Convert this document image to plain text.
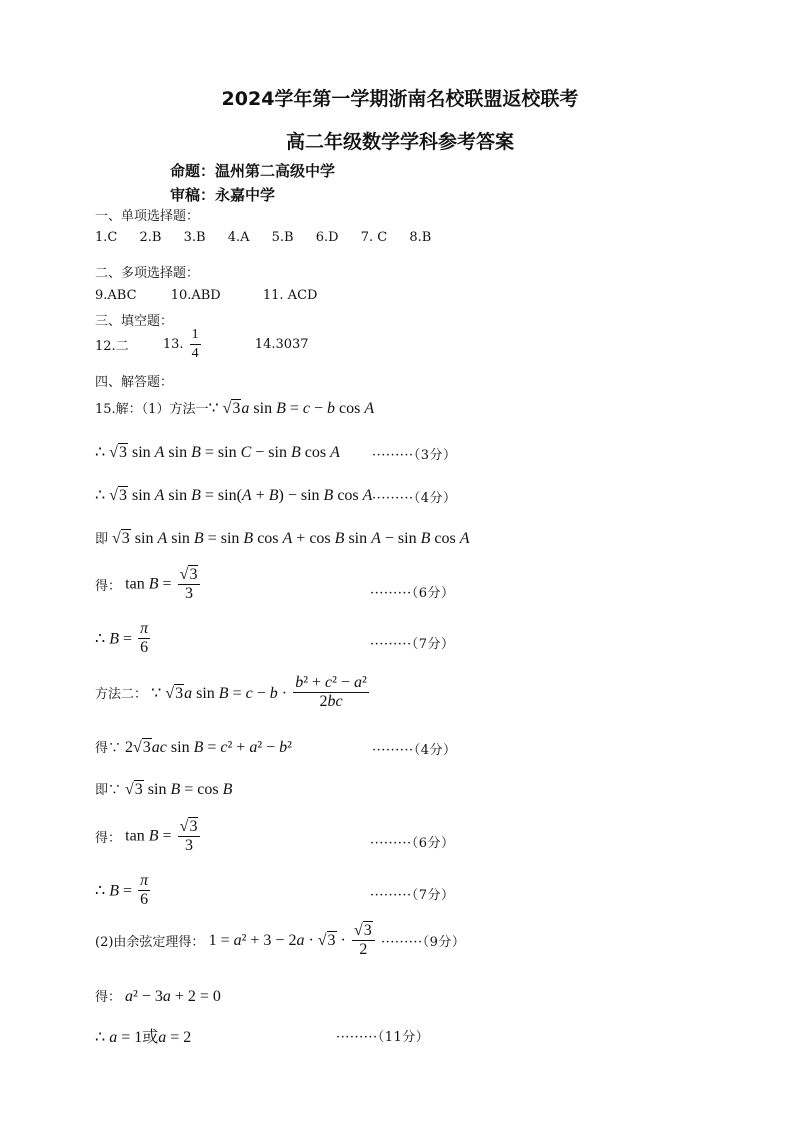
2024学年第一学期浙南名校联盟返校联考
高二年级数学学科参考答案
命题：温州第二高级中学
审稿：永嘉中学
一、单项选择题：
1.C 2.B 3.B 4.A 5.B 6.D 7. C 8.B
二、多项选择题：
9.ABC	10.ABD	11. ACD
三、填空题：
12.二	13. $\frac{1}{4}$	14.3037
四、解答题：
15.解：（1）方法一∵ √3a sin B = c − b cos A
∴ √3 sin A sin B = sin C − sin B cos A ·········（3分）
∴ √3 sin A sin B = sin(A + B) − sin B cos A ·········（4分）
即 √3 sin A sin B = sin B cos A + cos B sin A − sin B cos A
得： $\tan B = \frac{√3}{3}$	·········（6分）
∴ $B = \frac{\pi}{6}$	·········（7分）
方法二： ∵ √3a $\sin B = c - b \cdot \frac{\text{b² + c² − a²}}{2bc}$
得∵ 2√3ac sin B = c² + a² − b²	·········（4分）
即∵ √3 sin B = cos B
得： $\tan B = \frac{√3}{3}$	·········（6分）
∴ $B = \frac{\pi}{6}$	·········（7分）
(2)由余弦定理得： $1 = a^2 + 3 - 2a \cdot √3 \cdot \frac{√3}{2} \cdot\cdot\cdot\cdot\cdot\cdot\cdot\cdot\cdot(9$分）
得： a² − 3a + 2 = 0
∴ a = 1或a = 2	·········（11分）
